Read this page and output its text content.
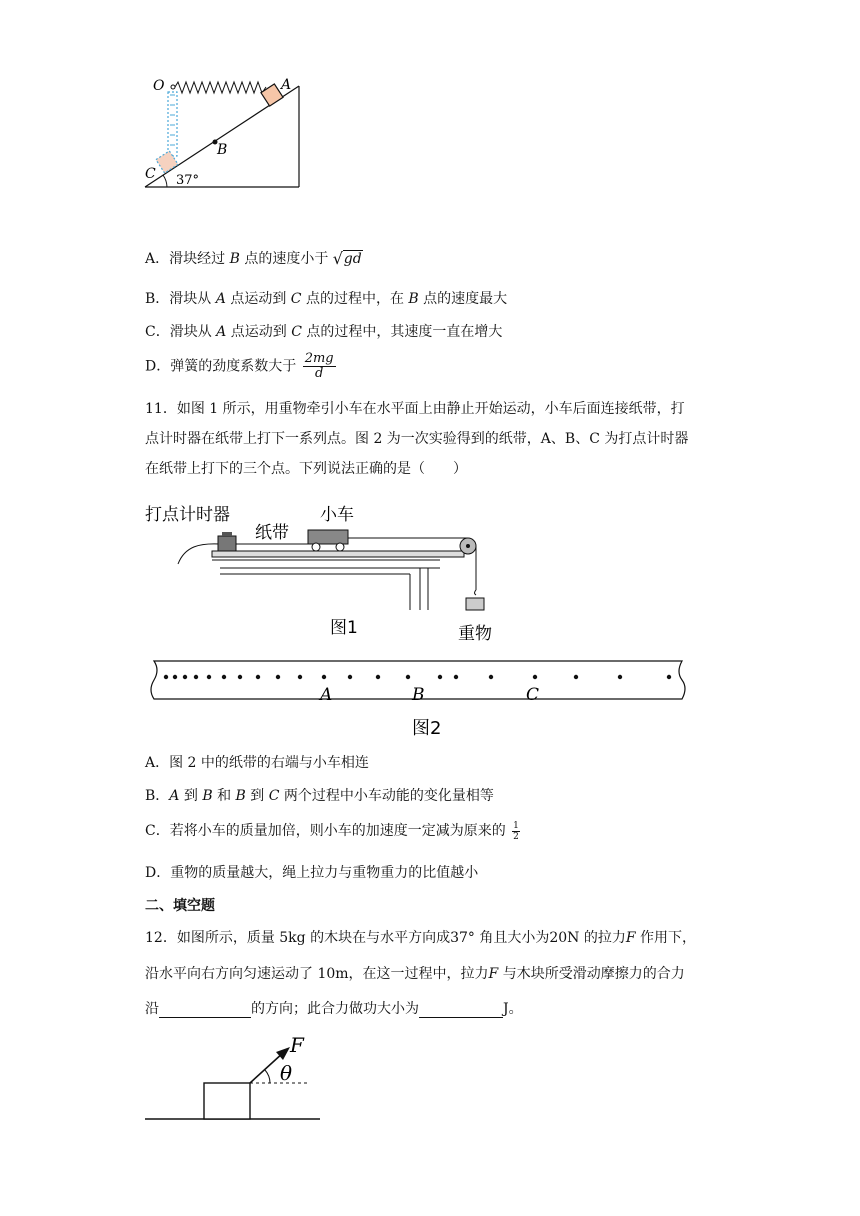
O	A
B
C 37°
A．滑块经过 B 点的速度小于 √ gd
B．滑块从 A 点运动到 C 点的过程中，在 B 点的速度最大
C．滑块从 A 点运动到 C 点的过程中，其速度一直在增大
D．弹簧的劲度系数大于 $\frac{2mg}{d}$
11．如图 1 所示，用重物牵引小车在水平面上由静止开始运动，小车后面连接纸带，打
点计时器在纸带上打下一系列点。图 2 为一次实验得到的纸带，A、B、C 为打点计时器
在纸带上打下的三个点。下列说法正确的是（　　）
打点计时器
纸带
小车
图1	重物
A	B	C
图2
A．图 2 中的纸带的右端与小车相连
B．A 到 B 和 B 到 C 两个过程中小车动能的变化量相等
C．若将小车的质量加倍，则小车的加速度一定减为原来的 $\frac{1}{2}$
D．重物的质量越大，绳上拉力与重物重力的比值越小
二、填空题
12．如图所示，质量 5kg 的木块在与水平方向成37° 角且大小为20N 的拉力F 作用下，
沿水平向右方向匀速运动了 10m，在这一过程中，拉力F 与木块所受滑动摩擦力的合力
沿	的方向；此合力做功大小为	J。
F
θ
